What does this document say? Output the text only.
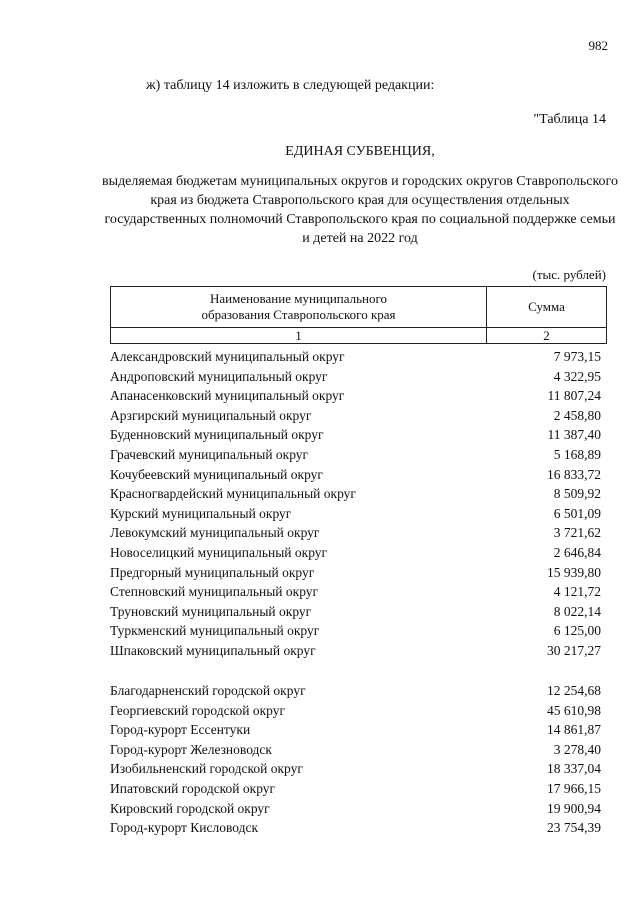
982
ж) таблицу 14 изложить в следующей редакции:
"Таблица 14
ЕДИНАЯ СУБВЕНЦИЯ,
выделяемая бюджетам муниципальных округов и городских округов Ставропольского края из бюджета Ставропольского края для осуществления отдельных государственных полномочий Ставропольского края по социальной поддержке семьи и детей на 2022 год
(тыс. рублей)
Наименование муниципального
образования Ставропольского края	Сумма
1	2
Александровский муниципальный округ	7 973,15
Андроповский муниципальный округ	4 322,95
Апанасенковский муниципальный округ	11 807,24
Арзгирский муниципальный округ	2 458,80
Буденновский муниципальный округ	11 387,40
Грачевский муниципальный округ	5 168,89
Кочубеевский муниципальный округ	16 833,72
Красногвардейский муниципальный округ	8 509,92
Курский муниципальный округ	6 501,09
Левокумский муниципальный округ	3 721,62
Новоселицкий муниципальный округ	2 646,84
Предгорный муниципальный округ	15 939,80
Степновский муниципальный округ	4 121,72
Труновский муниципальный округ	8 022,14
Туркменский муниципальный округ	6 125,00
Шпаковский муниципальный округ	30 217,27
Благодарненский городской округ	12 254,68
Георгиевский городской округ	45 610,98
Город-курорт Ессентуки	14 861,87
Город-курорт Железноводск	3 278,40
Изобильненский городской округ	18 337,04
Ипатовский городской округ	17 966,15
Кировский городской округ	19 900,94
Город-курорт Кисловодск	23 754,39
